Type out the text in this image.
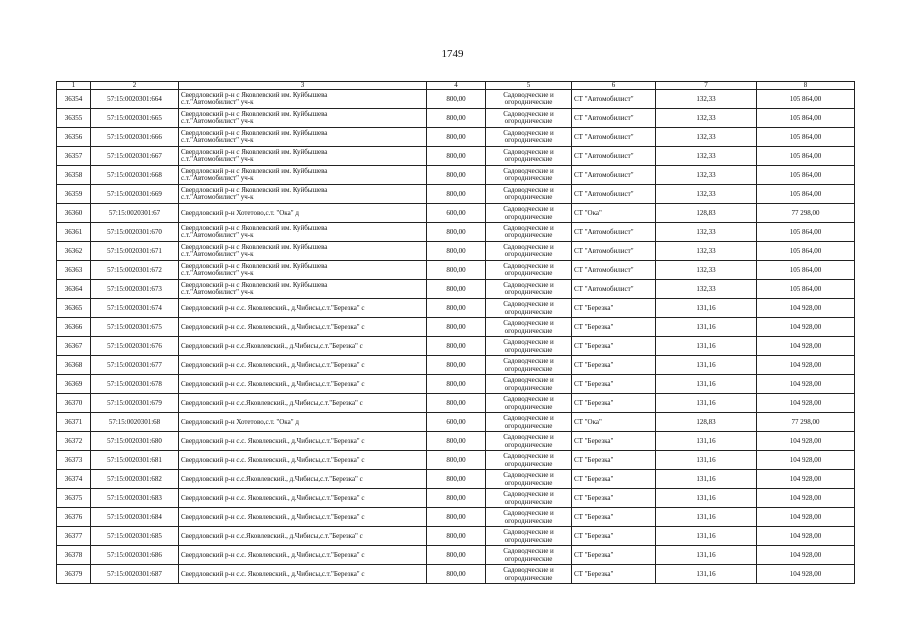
1749
1	2	3	4	5	6	7	8
36354	57:15:0020301:664	Свердловский р-н с Яковлевский им. Куйбышева
с.т."Автомобилист" уч-к	800,00	Садоводческие и
огороднические	СТ "Автомобилист"	132,33	105 864,00
36355	57:15:0020301:665	Свердловский р-н с Яковлевский им. Куйбышева
с.т."Автомобилист" уч-к	800,00	Садоводческие и
огороднические	СТ "Автомобилист"	132,33	105 864,00
36356	57:15:0020301:666	Свердловский р-н с Яковлевский им. Куйбышева
с.т."Автомобилист" уч-к	800,00	Садоводческие и
огороднические	СТ "Автомобилист"	132,33	105 864,00
36357	57:15:0020301:667	Свердловский р-н с Яковлевский им. Куйбышева
с.т."Автомобилист" уч-к	800,00	Садоводческие и
огороднические	СТ "Автомобилист"	132,33	105 864,00
36358	57:15:0020301:668	Свердловский р-н с Яковлевский им. Куйбышева
с.т."Автомобилист" уч-к	800,00	Садоводческие и
огороднические	СТ "Автомобилист"	132,33	105 864,00
36359	57:15:0020301:669	Свердловский р-н с Яковлевский им. Куйбышева
с.т."Автомобилист" уч-к	800,00	Садоводческие и
огороднические	СТ "Автомобилист"	132,33	105 864,00
36360	57:15:0020301:67	Свердловский р-н Хотетово,с.т. "Ока" д	600,00	Садоводческие и
огороднические	СТ "Ока"	128,83	77 298,00
36361	57:15:0020301:670	Свердловский р-н с Яковлевский им. Куйбышева
с.т."Автомобилист" уч-к	800,00	Садоводческие и
огороднические	СТ "Автомобилист"	132,33	105 864,00
36362	57:15:0020301:671	Свердловский р-н с Яковлевский им. Куйбышева
с.т."Автомобилист" уч-к	800,00	Садоводческие и
огороднические	СТ "Автомобилист"	132,33	105 864,00
36363	57:15:0020301:672	Свердловский р-н с Яковлевский им. Куйбышева
с.т."Автомобилист" уч-к	800,00	Садоводческие и
огороднические	СТ "Автомобилист"	132,33	105 864,00
36364	57:15:0020301:673	Свердловский р-н с Яковлевский им. Куйбышева
с.т."Автомобилист" уч-к	800,00	Садоводческие и
огороднические	СТ "Автомобилист"	132,33	105 864,00
36365	57:15:0020301:674	Свердловский р-н с.с. Яковлевский., д.Чибисы,с.т."Березка" с	800,00	Садоводческие и
огороднические	СТ "Березка"	131,16	104 928,00
36366	57:15:0020301:675	Свердловский р-н с.с. Яковлевский., д.Чибисы,с.т."Березка" с	800,00	Садоводческие и
огороднические	СТ "Березка"	131,16	104 928,00
36367	57:15:0020301:676	Свердловский р-н с.с.Яковлевский., д.Чибисы,с.т."Березка" с	800,00	Садоводческие и
огороднические	СТ "Березка"	131,16	104 928,00
36368	57:15:0020301:677	Свердловский р-н с.с. Яковлевский., д.Чибисы,с.т."Березка" с	800,00	Садоводческие и
огороднические	СТ "Березка"	131,16	104 928,00
36369	57:15:0020301:678	Свердловский р-н с.с. Яковлевский., д.Чибисы,с.т."Березка" с	800,00	Садоводческие и
огороднические	СТ "Березка"	131,16	104 928,00
36370	57:15:0020301:679	Свердловский р-н с.с.Яковлевский., д.Чибисы,с.т."Березка" с	800,00	Садоводческие и
огороднические	СТ "Березка"	131,16	104 928,00
36371	57:15:0020301:68	Свердловский р-н Хотетово,с.т. "Ока" д	600,00	Садоводческие и
огороднические	СТ "Ока"	128,83	77 298,00
36372	57:15:0020301:680	Свердловский р-н с.с. Яковлевский., д.Чибисы,с.т."Березка" с	800,00	Садоводческие и
огороднические	СТ "Березка"	131,16	104 928,00
36373	57:15:0020301:681	Свердловский р-н с.с. Яковлевский., д.Чибисы,с.т."Березка" с	800,00	Садоводческие и
огороднические	СТ "Березка"	131,16	104 928,00
36374	57:15:0020301:682	Свердловский р-н с.с.Яковлевский., д.Чибисы,с.т."Березка" с	800,00	Садоводческие и
огороднические	СТ "Березка"	131,16	104 928,00
36375	57:15:0020301:683	Свердловский р-н с.с. Яковлевский., д.Чибисы,с.т."Березка" с	800,00	Садоводческие и
огороднические	СТ "Березка"	131,16	104 928,00
36376	57:15:0020301:684	Свердловский р-н с.с. Яковлевский., д.Чибисы,с.т."Березка" с	800,00	Садоводческие и
огороднические	СТ "Березка"	131,16	104 928,00
36377	57:15:0020301:685	Свердловский р-н с.с.Яковлевский., д.Чибисы,с.т."Березка" с	800,00	Садоводческие и
огороднические	СТ "Березка"	131,16	104 928,00
36378	57:15:0020301:686	Свердловский р-н с.с. Яковлевский., д.Чибисы,с.т."Березка" с	800,00	Садоводческие и
огороднические	СТ "Березка"	131,16	104 928,00
36379	57:15:0020301:687	Свердловский р-н с.с. Яковлевский., д.Чибисы,с.т."Березка" с	800,00	Садоводческие и
огороднические	СТ "Березка"	131,16	104 928,00
